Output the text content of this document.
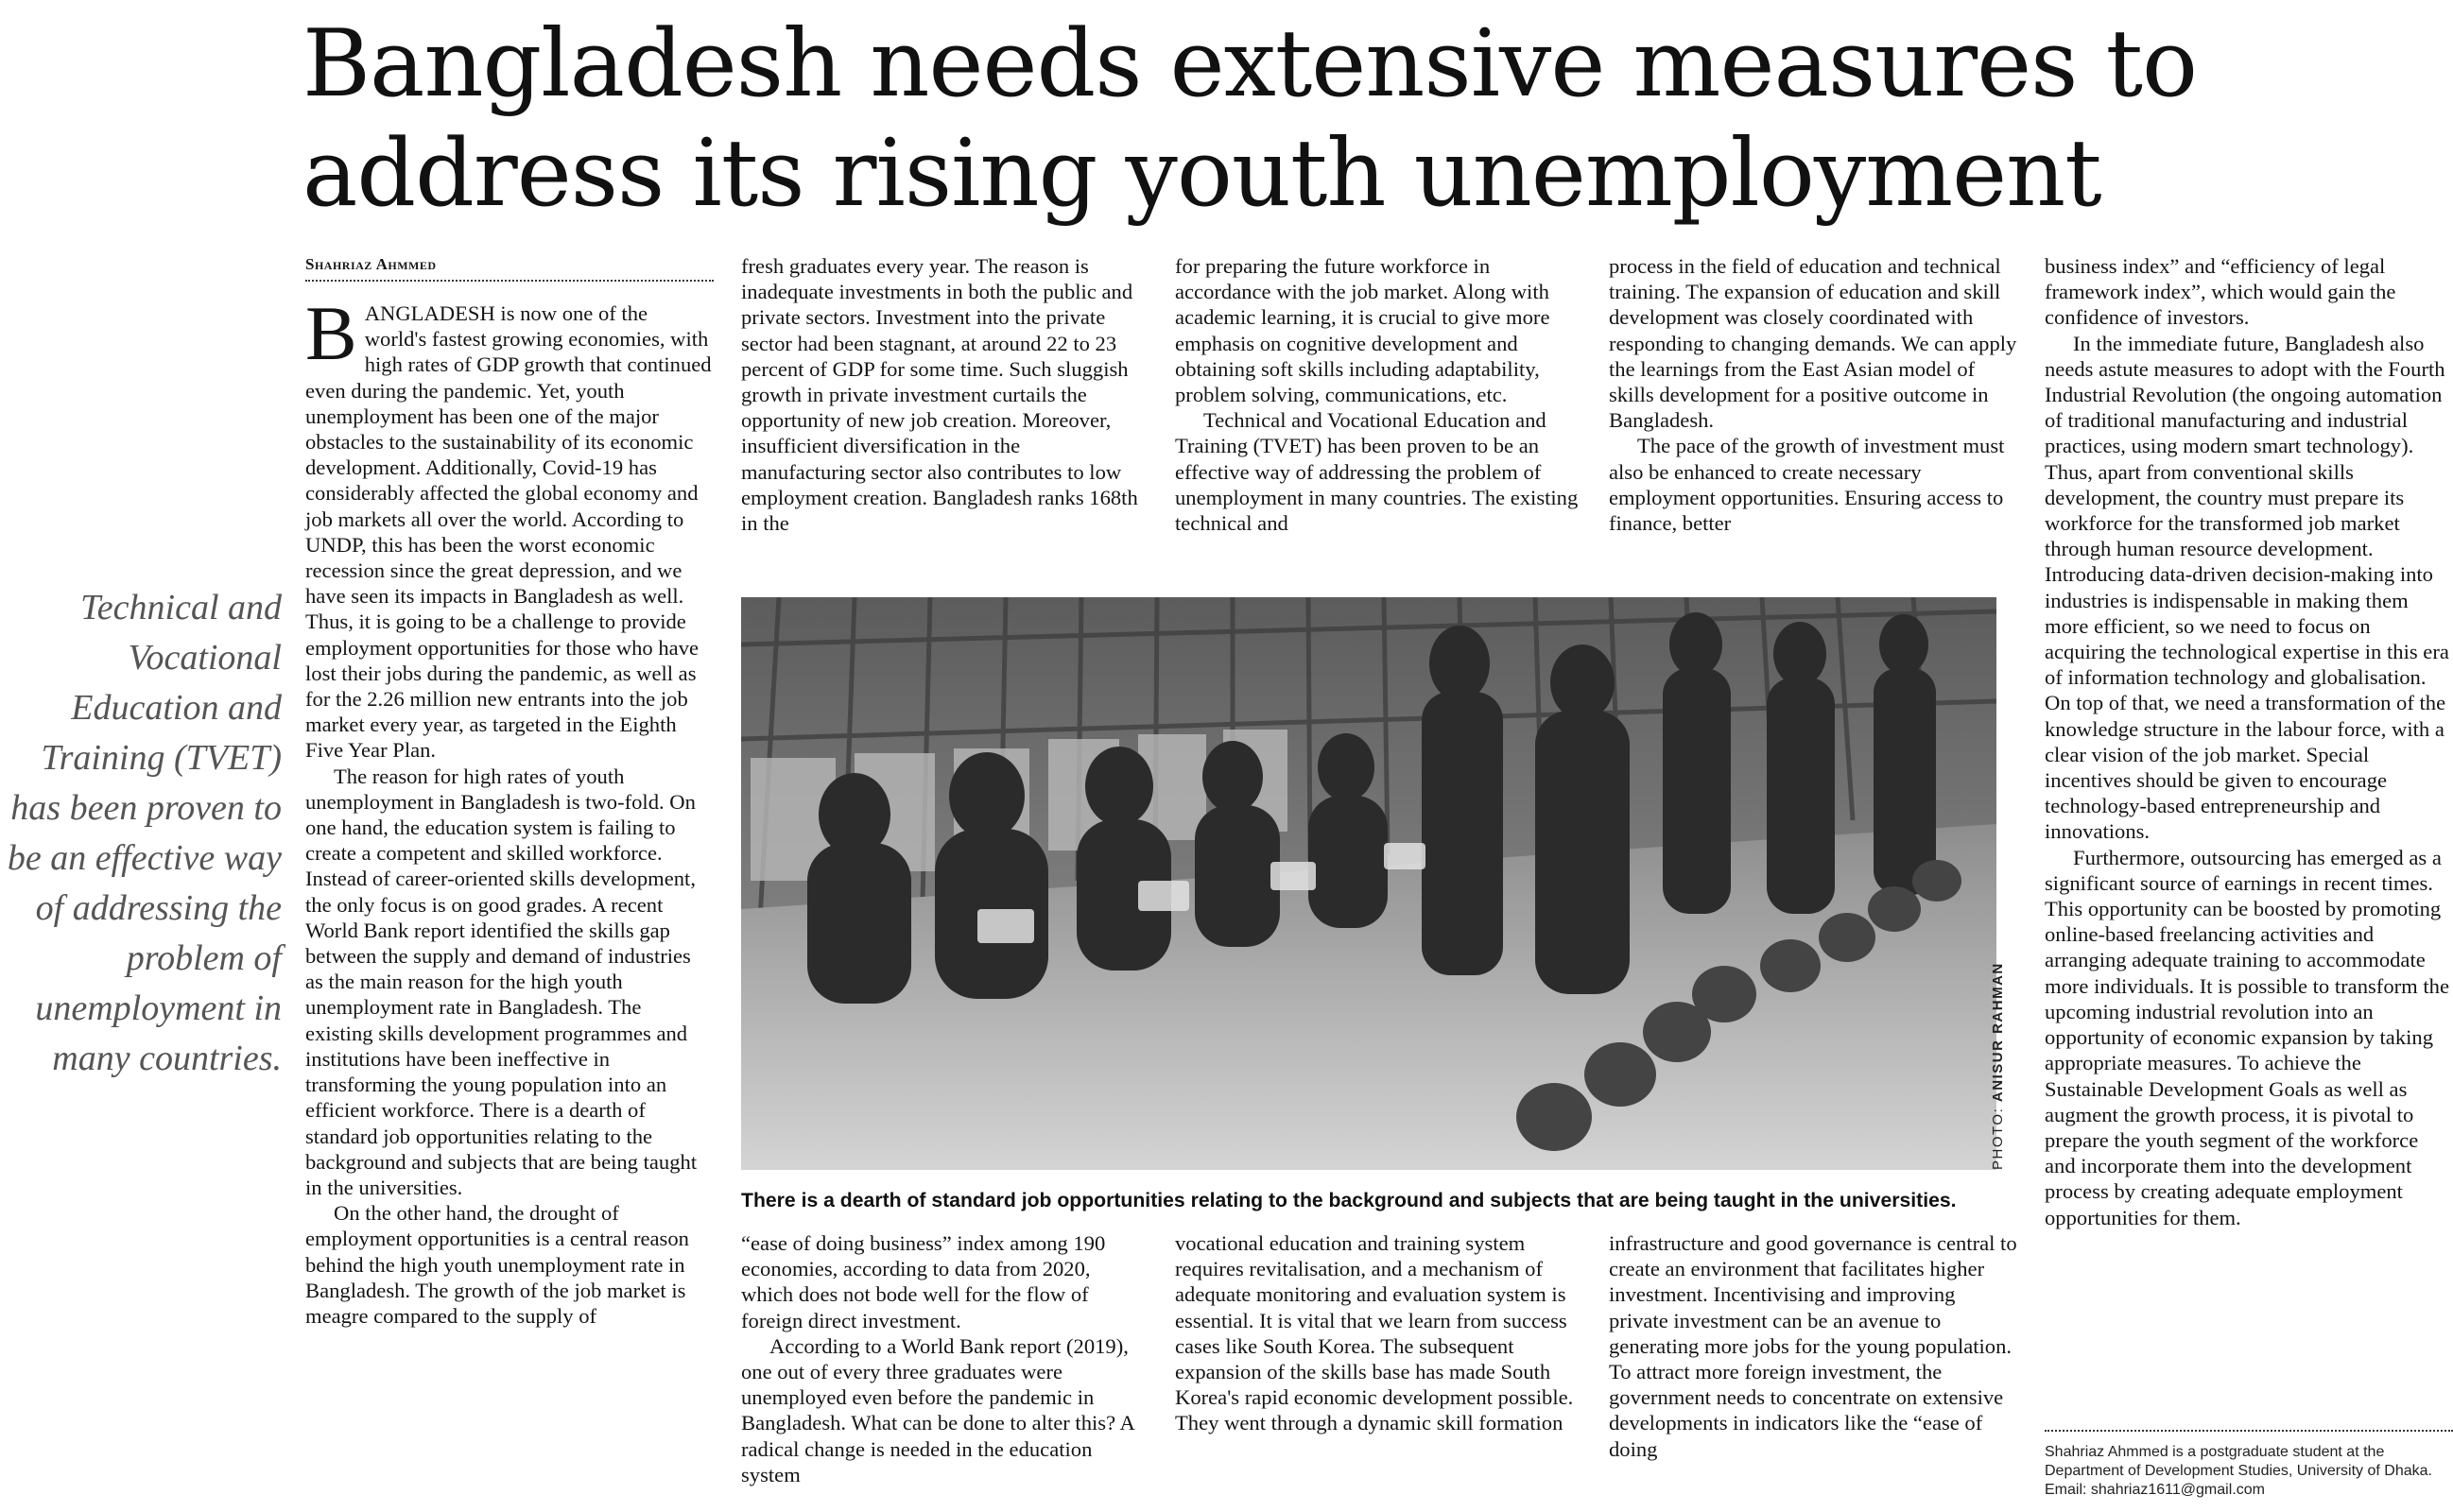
Bangladesh needs extensive measures to address its rising youth unemployment
Shahriaz Ahmmed
Technical and Vocational Education and Training (TVET) has been proven to be an effective way of addressing the problem of unemployment in many countries.

BANGLADESH is now one of the world's fastest growing economies, with high rates of GDP growth that continued even during the pandemic. Yet, youth unemployment has been one of the major obstacles to the sustainability of its economic development. Additionally, Covid-19 has considerably affected the global economy and job markets all over the world. According to UNDP, this has been the worst economic recession since the great depression, and we have seen its impacts in Bangladesh as well. Thus, it is going to be a challenge to provide employment opportunities for those who have lost their jobs during the pandemic, as well as for the 2.26 million new entrants into the job market every year, as targeted in the Eighth Five Year Plan.

The reason for high rates of youth unemployment in Bangladesh is two-fold. On one hand, the education system is failing to create a competent and skilled workforce. Instead of career-oriented skills development, the only focus is on good grades. A recent World Bank report identified the skills gap between the supply and demand of industries as the main reason for the high youth unemployment rate in Bangladesh. The existing skills development programmes and institutions have been ineffective in transforming the young population into an efficient workforce. There is a dearth of standard job opportunities relating to the background and subjects that are being taught in the universities.

On the other hand, the drought of employment opportunities is a central reason behind the high youth unemployment rate in Bangladesh. The growth of the job market is meagre compared to the supply of

fresh graduates every year. The reason is inadequate investments in both the public and private sectors. Investment into the private sector had been stagnant, at around 22 to 23 percent of GDP for some time. Such sluggish growth in private investment curtails the opportunity of new job creation. Moreover, insufficient diversification in the manufacturing sector also contributes to low employment creation. Bangladesh ranks 168th in the

for preparing the future workforce in accordance with the job market. Along with academic learning, it is crucial to give more emphasis on cognitive development and obtaining soft skills including adaptability, problem solving, communications, etc.

Technical and Vocational Education and Training (TVET) has been proven to be an effective way of addressing the problem of unemployment in many countries. The existing technical and

process in the field of education and technical training. The expansion of education and skill development was closely coordinated with responding to changing demands. We can apply the learnings from the East Asian model of skills development for a positive outcome in Bangladesh.

The pace of the growth of investment must also be enhanced to create necessary employment opportunities. Ensuring access to finance, better

PHOTO: ANISUR RAHMAN
There is a dearth of standard job opportunities relating to the background and subjects that are being taught in the universities.

“ease of doing business” index among 190 economies, according to data from 2020, which does not bode well for the flow of foreign direct investment.

According to a World Bank report (2019), one out of every three graduates were unemployed even before the pandemic in Bangladesh. What can be done to alter this? A radical change is needed in the education system

vocational education and training system requires revitalisation, and a mechanism of adequate monitoring and evaluation system is essential. It is vital that we learn from success cases like South Korea. The subsequent expansion of the skills base has made South Korea's rapid economic development possible. They went through a dynamic skill formation

infrastructure and good governance is central to create an environment that facilitates higher investment. Incentivising and improving private investment can be an avenue to generating more jobs for the young population. To attract more foreign investment, the government needs to concentrate on extensive developments in indicators like the “ease of doing

business index” and “efficiency of legal framework index”, which would gain the confidence of investors.

In the immediate future, Bangladesh also needs astute measures to adopt with the Fourth Industrial Revolution (the ongoing automation of traditional manufacturing and industrial practices, using modern smart technology). Thus, apart from conventional skills development, the country must prepare its workforce for the transformed job market through human resource development. Introducing data-driven decision-making into industries is indispensable in making them more efficient, so we need to focus on acquiring the technological expertise in this era of information technology and globalisation. On top of that, we need a transformation of the knowledge structure in the labour force, with a clear vision of the job market. Special incentives should be given to encourage technology-based entrepreneurship and innovations.

Furthermore, outsourcing has emerged as a significant source of earnings in recent times. This opportunity can be boosted by promoting online-based freelancing activities and arranging adequate training to accommodate more individuals. It is possible to transform the upcoming industrial revolution into an opportunity of economic expansion by taking appropriate measures. To achieve the Sustainable Development Goals as well as augment the growth process, it is pivotal to prepare the youth segment of the workforce and incorporate them into the development process by creating adequate employment opportunities for them.

Shahriaz Ahmmed is a postgraduate student at the Department of Development Studies, University of Dhaka. Email: shahriaz1611@gmail.com
